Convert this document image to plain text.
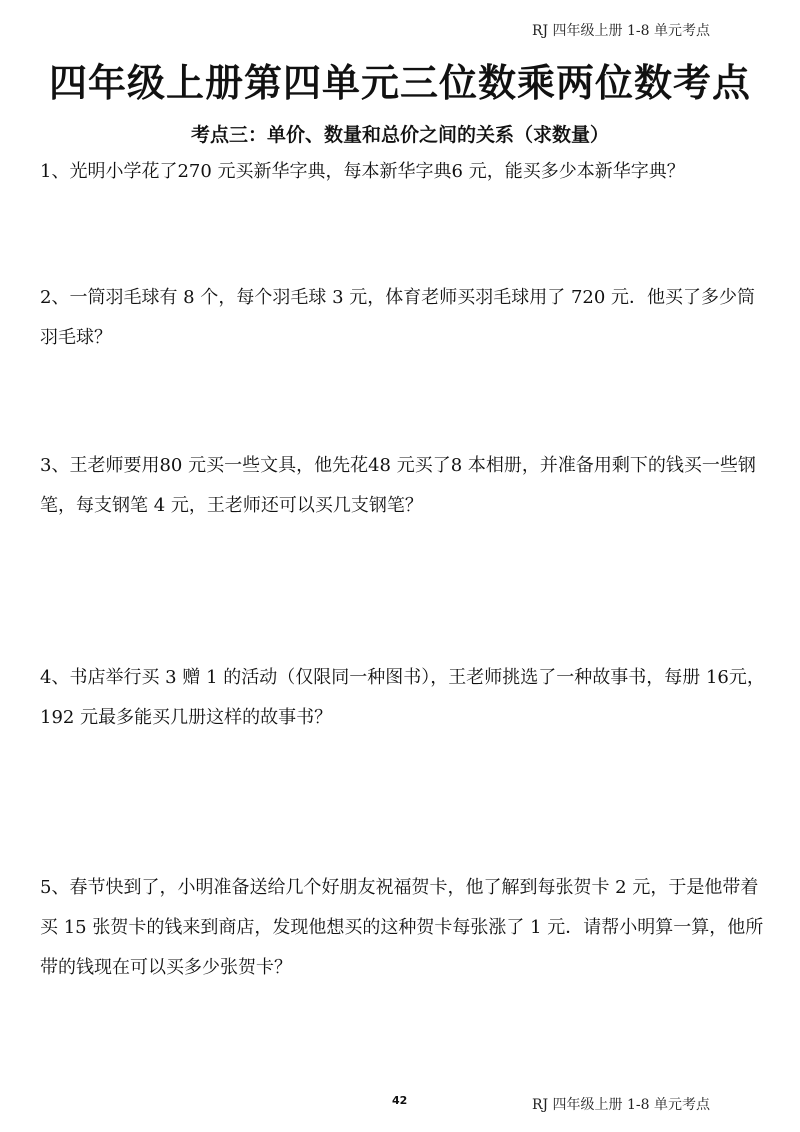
RJ 四年级上册 1-8 单元考点
四年级上册第四单元三位数乘两位数考点
考点三：单价、数量和总价之间的关系（求数量）
1、光明小学花了270 元买新华字典，每本新华字典6 元，能买多少本新华字典？
2、一筒羽毛球有 8 个，每个羽毛球 3 元，体育老师买羽毛球用了 720 元．他买了多少筒羽毛球？
3、王老师要用80 元买一些文具，他先花48 元买了8 本相册，并准备用剩下的钱买一些钢笔，每支钢笔 4 元，王老师还可以买几支钢笔？
4、书店举行买 3 赠 1 的活动（仅限同一种图书），王老师挑选了一种故事书，每册 16元，192 元最多能买几册这样的故事书？
5、春节快到了，小明准备送给几个好朋友祝福贺卡，他了解到每张贺卡 2 元，于是他带着买 15 张贺卡的钱来到商店，发现他想买的这种贺卡每张涨了 1 元．请帮小明算一算，他所带的钱现在可以买多少张贺卡？
42	RJ 四年级上册 1-8 单元考点
